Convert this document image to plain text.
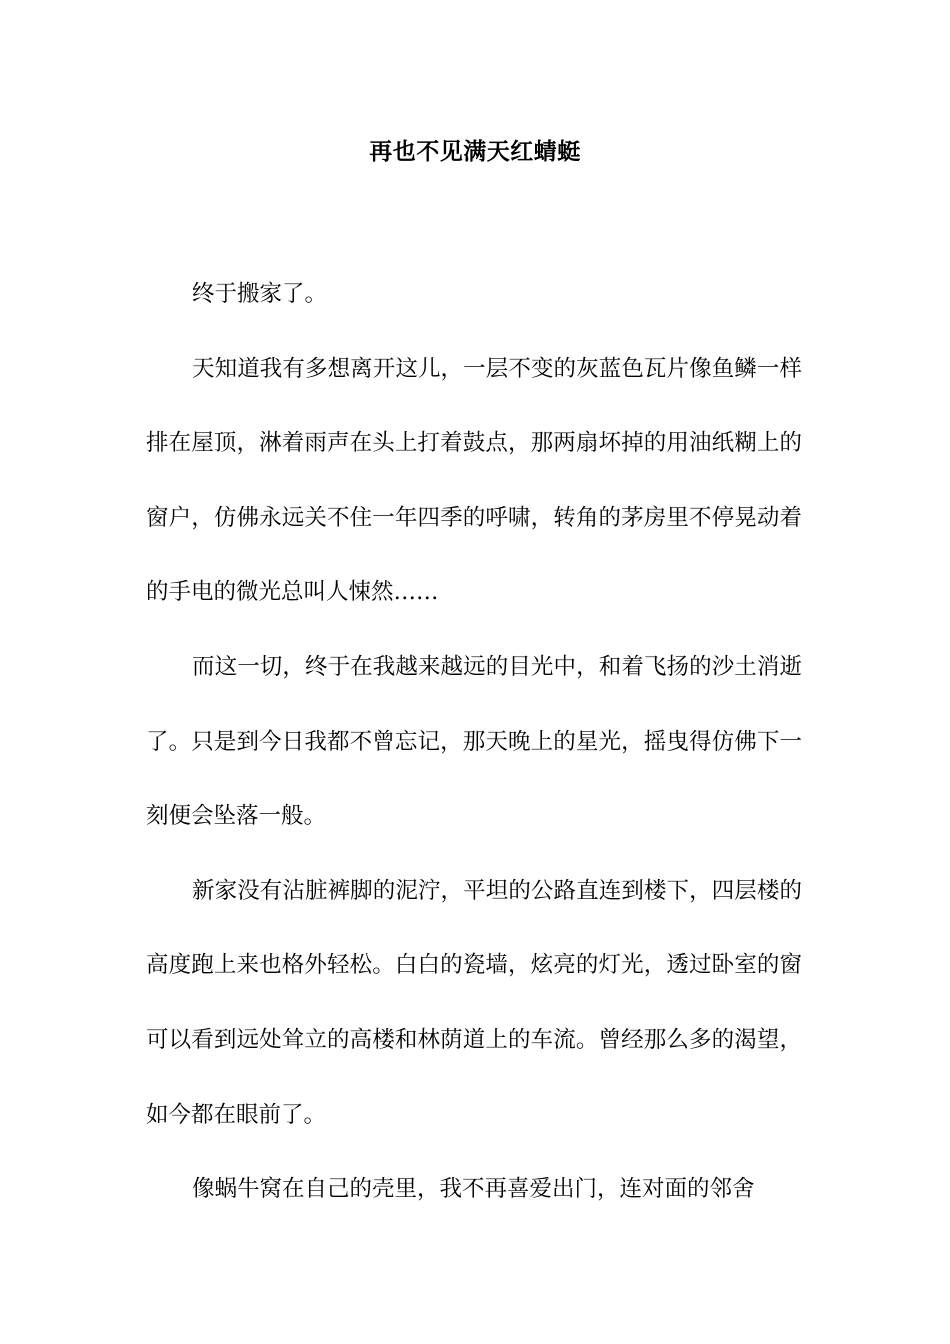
再也不见满天红蜻蜓

终于搬家了。

天知道我有多想离开这儿，一层不变的灰蓝色瓦片像鱼鳞一样排在屋顶，淋着雨声在头上打着鼓点，那两扇坏掉的用油纸糊上的窗户，仿佛永远关不住一年四季的呼啸，转角的茅房里不停晃动着的手电的微光总叫人悚然……

而这一切，终于在我越来越远的目光中，和着飞扬的沙土消逝了。只是到今日我都不曾忘记，那天晚上的星光，摇曳得仿佛下一刻便会坠落一般。

新家没有沾脏裤脚的泥泞，平坦的公路直连到楼下，四层楼的高度跑上来也格外轻松。白白的瓷墙，炫亮的灯光，透过卧室的窗可以看到远处耸立的高楼和林荫道上的车流。曾经那么多的渴望，如今都在眼前了。

像蜗牛窝在自己的壳里，我不再喜爱出门，连对面的邻舍
